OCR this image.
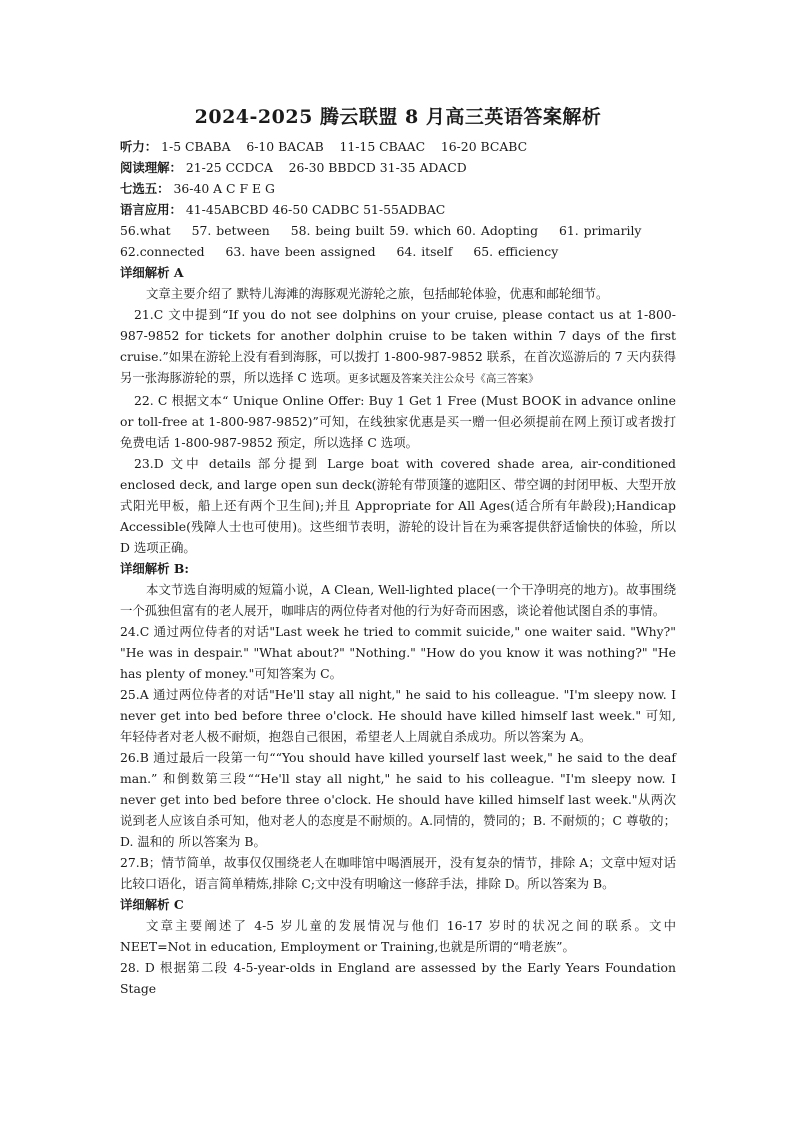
2024-2025 腾云联盟 8 月高三英语答案解析
听力： 1-5 CBABA    6-10 BACAB    11-15 CBAAC    16-20 BCABC
阅读理解： 21-25 CCDCA    26-30 BBDCD 31-35 ADACD
七选五： 36-40 A C F E G
语言应用： 41-45ABCBD 46-50 CADBC 51-55ADBAC
56.what 57. between 58. being built 59. which 60. Adopting 61. primarily
62.connected 63. have been assigned 64. itself 65. efficiency
详细解析 A

文章主要介绍了 默特儿海滩的海豚观光游轮之旅，包括邮轮体验，优惠和邮轮细节。

21.C 文中提到“If you do not see dolphins on your cruise, please contact us at 1-800-987-9852 for tickets for another dolphin cruise to be taken within 7 days of the first cruise.”如果在游轮上没有看到海豚，可以拨打 1-800-987-9852 联系，在首次巡游后的 7 天内获得另一张海豚游轮的票，所以选择 C 选项。更多试题及答案关注公众号《高三答案》

22. C 根据文本“ Unique Online Offer: Buy 1 Get 1 Free (Must BOOK in advance online or toll-free at 1-800-987-9852)”可知，在线独家优惠是买一赠一但必须提前在网上预订或者拨打免费电话 1-800-987-9852 预定，所以选择 C 选项。

23.D 文中 details 部分提到 Large boat with covered shade area, air-conditioned enclosed deck, and large open sun deck(游轮有带顶篷的遮阳区、带空调的封闭甲板、大型开放式阳光甲板，船上还有两个卫生间);并且 Appropriate for All Ages(适合所有年龄段);Handicap Accessible(残障人士也可使用)。这些细节表明，游轮的设计旨在为乘客提供舒适愉快的体验，所以 D 选项正确。

详细解析 B:

本文节选自海明威的短篇小说，A Clean, Well-lighted place(一个干净明亮的地方)。故事围绕一个孤独但富有的老人展开，咖啡店的两位侍者对他的行为好奇而困惑，谈论着他试图自杀的事情。

24.C 通过两位侍者的对话"Last week he tried to commit suicide," one waiter said. "Why?" "He was in despair." "What about?" "Nothing." "How do you know it was nothing?" "He has plenty of money."可知答案为 C。

25.A 通过两位侍者的对话"He'll stay all night," he said to his colleague. "I'm sleepy now. I never get into bed before three o'clock. He should have killed himself last week." 可知,年轻侍者对老人极不耐烦，抱怨自己很困，希望老人上周就自杀成功。所以答案为 A。

26.B 通过最后一段第一句““You should have killed yourself last week," he said to the deaf man.” 和倒数第三段““He'll stay all night," he said to his colleague. "I'm sleepy now. I never get into bed before three o'clock. He should have killed himself last week."从两次说到老人应该自杀可知，他对老人的态度是不耐烦的。A.同情的，赞同的；B. 不耐烦的；C 尊敬的；D. 温和的 所以答案为 B。

27.B；情节简单，故事仅仅围绕老人在咖啡馆中喝酒展开，没有复杂的情节，排除 A；文章中短对话比较口语化，语言简单精炼,排除 C;文中没有明喻这一修辞手法，排除 D。所以答案为 B。

详细解析 C

文章主要阐述了 4-5 岁儿童的发展情况与他们 16-17 岁时的状况之间的联系。文中 NEET=Not in education, Employment or Training,也就是所谓的“啃老族”。

28. D 根据第二段 4-5-year-olds in England are assessed by the Early Years Foundation Stage
